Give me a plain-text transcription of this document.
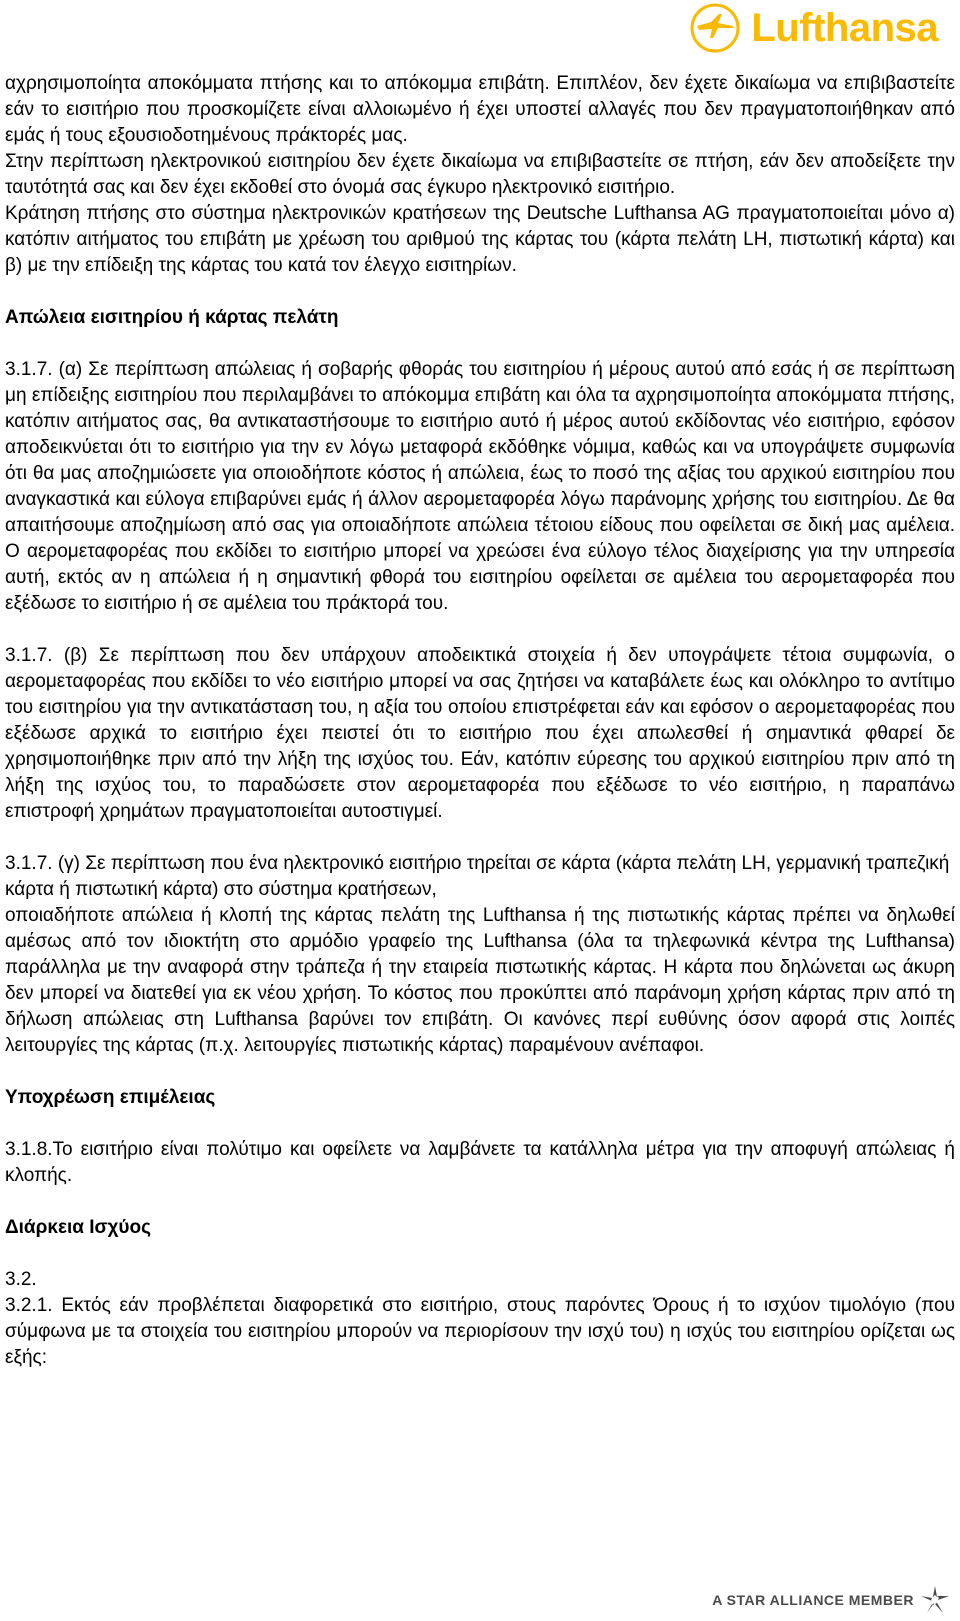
Lufthansa

αχρησιμοποίητα αποκόμματα πτήσης και το απόκομμα επιβάτη. Επιπλέον, δεν έχετε δικαίωμα να επιβιβαστείτε εάν το εισιτήριο που προσκομίζετε είναι αλλοιωμένο ή έχει υποστεί αλλαγές που δεν πραγματοποιήθηκαν από εμάς ή τους εξουσιοδοτημένους πράκτορές μας.

Στην περίπτωση ηλεκτρονικού εισιτηρίου δεν έχετε δικαίωμα να επιβιβαστείτε σε πτήση, εάν δεν αποδείξετε την ταυτότητά σας και δεν έχει εκδοθεί στο όνομά σας έγκυρο ηλεκτρονικό εισιτήριο.

Κράτηση πτήσης στο σύστημα ηλεκτρονικών κρατήσεων της Deutsche Lufthansa AG πραγματοποιείται μόνο α) κατόπιν αιτήματος του επιβάτη με χρέωση του αριθμού της κάρτας του (κάρτα πελάτη LH, πιστωτική κάρτα) και β) με την επίδειξη της κάρτας του κατά τον έλεγχο εισιτηρίων.

Απώλεια εισιτηρίου ή κάρτας πελάτη

3.1.7. (α) Σε περίπτωση απώλειας ή σοβαρής φθοράς του εισιτηρίου ή μέρους αυτού από εσάς ή σε περίπτωση μη επίδειξης εισιτηρίου που περιλαμβάνει το απόκομμα επιβάτη και όλα τα αχρησιμοποίητα αποκόμματα πτήσης, κατόπιν αιτήματος σας, θα αντικαταστήσουμε το εισιτήριο αυτό ή μέρος αυτού εκδίδοντας νέο εισιτήριο, εφόσον αποδεικνύεται ότι το εισιτήριο για την εν λόγω μεταφορά εκδόθηκε νόμιμα, καθώς και να υπογράψετε συμφωνία ότι θα μας αποζημιώσετε για οποιοδήποτε κόστος ή απώλεια, έως το ποσό της αξίας του αρχικού εισιτηρίου που αναγκαστικά και εύλογα επιβαρύνει εμάς ή άλλον αερομεταφορέα λόγω παράνομης χρήσης του εισιτηρίου. Δε θα απαιτήσουμε αποζημίωση από σας για οποιαδήποτε απώλεια τέτοιου είδους που οφείλεται σε δική μας αμέλεια. Ο αερομεταφορέας που εκδίδει το εισιτήριο μπορεί να χρεώσει ένα εύλογο τέλος διαχείρισης για την υπηρεσία αυτή, εκτός αν η απώλεια ή η σημαντική φθορά του εισιτηρίου οφείλεται σε αμέλεια του αερομεταφορέα που εξέδωσε το εισιτήριο ή σε αμέλεια του πράκτορά του.

3.1.7. (β) Σε περίπτωση που δεν υπάρχουν αποδεικτικά στοιχεία ή δεν υπογράψετε τέτοια συμφωνία, ο αερομεταφορέας που εκδίδει το νέο εισιτήριο μπορεί να σας ζητήσει να καταβάλετε έως και ολόκληρο το αντίτιμο του εισιτηρίου για την αντικατάσταση του, η αξία του οποίου επιστρέφεται εάν και εφόσον ο αερομεταφορέας που εξέδωσε αρχικά το εισιτήριο έχει πειστεί ότι το εισιτήριο που έχει απωλεσθεί ή σημαντικά φθαρεί δε χρησιμοποιήθηκε πριν από την λήξη της ισχύος του. Εάν, κατόπιν εύρεσης του αρχικού εισιτηρίου πριν από τη λήξη της ισχύος του, το παραδώσετε στον αερομεταφορέα που εξέδωσε το νέο εισιτήριο, η παραπάνω επιστροφή χρημάτων πραγματοποιείται αυτοστιγμεί.

3.1.7. (γ) Σε περίπτωση που ένα ηλεκτρονικό εισιτήριο τηρείται σε κάρτα (κάρτα πελάτη LH, γερμανική τραπεζική κάρτα ή πιστωτική κάρτα) στο σύστημα κρατήσεων,

οποιαδήποτε απώλεια ή κλοπή της κάρτας πελάτη της Lufthansa ή της πιστωτικής κάρτας πρέπει να δηλωθεί αμέσως από τον ιδιοκτήτη στο αρμόδιο γραφείο της Lufthansa (όλα τα τηλεφωνικά κέντρα της Lufthansa) παράλληλα με την αναφορά στην τράπεζα ή την εταιρεία πιστωτικής κάρτας. Η κάρτα που δηλώνεται ως άκυρη δεν μπορεί να διατεθεί για εκ νέου χρήση. Το κόστος που προκύπτει από παράνομη χρήση κάρτας πριν από τη δήλωση απώλειας στη Lufthansa βαρύνει τον επιβάτη. Οι κανόνες περί ευθύνης όσον αφορά στις λοιπές λειτουργίες της κάρτας (π.χ. λειτουργίες πιστωτικής κάρτας) παραμένουν ανέπαφοι.

Υποχρέωση επιμέλειας

3.1.8.Το εισιτήριο είναι πολύτιμο και οφείλετε να λαμβάνετε τα κατάλληλα μέτρα για την αποφυγή απώλειας ή κλοπής.

Διάρκεια Ισχύος

3.2.

3.2.1. Εκτός εάν προβλέπεται διαφορετικά στο εισιτήριο, στους παρόντες Όρους ή το ισχύον τιμολόγιο (που σύμφωνα με τα στοιχεία του εισιτηρίου μπορούν να περιορίσουν την ισχύ του) η ισχύς του εισιτηρίου ορίζεται ως εξής:

A STAR ALLIANCE MEMBER
